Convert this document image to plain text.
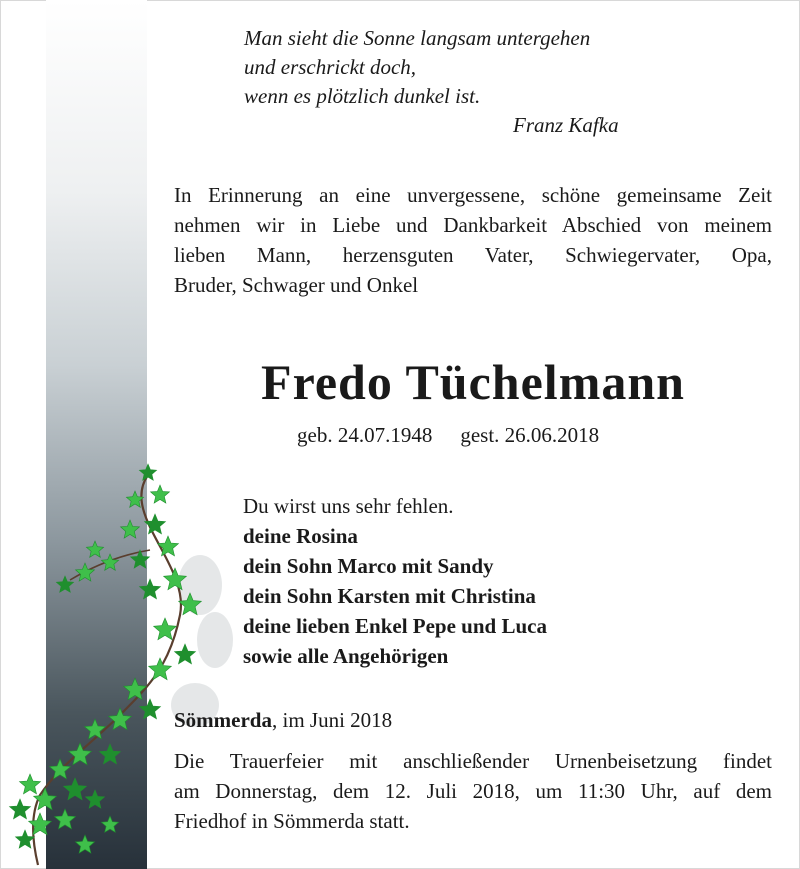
Man sieht die Sonne langsam untergehen
und erschrickt doch,
wenn es plötzlich dunkel ist.
Franz Kafka
In Erinnerung an eine unvergessene, schöne gemeinsame Zeit
nehmen wir in Liebe und Dankbarkeit Abschied von meinem
lieben Mann, herzensguten Vater, Schwiegervater, Opa,
Bruder, Schwager und Onkel
Fredo Tüchelmann
geb. 24.07.1948 gest. 26.06.2018
Du wirst uns sehr fehlen.
deine Rosina
dein Sohn Marco mit Sandy
dein Sohn Karsten mit Christina
deine lieben Enkel Pepe und Luca
sowie alle Angehörigen
Sömmerda, im Juni 2018
Die Trauerfeier mit anschließender Urnenbeisetzung findet
am Donnerstag, dem 12. Juli 2018, um 11:30 Uhr, auf dem
Friedhof in Sömmerda statt.
